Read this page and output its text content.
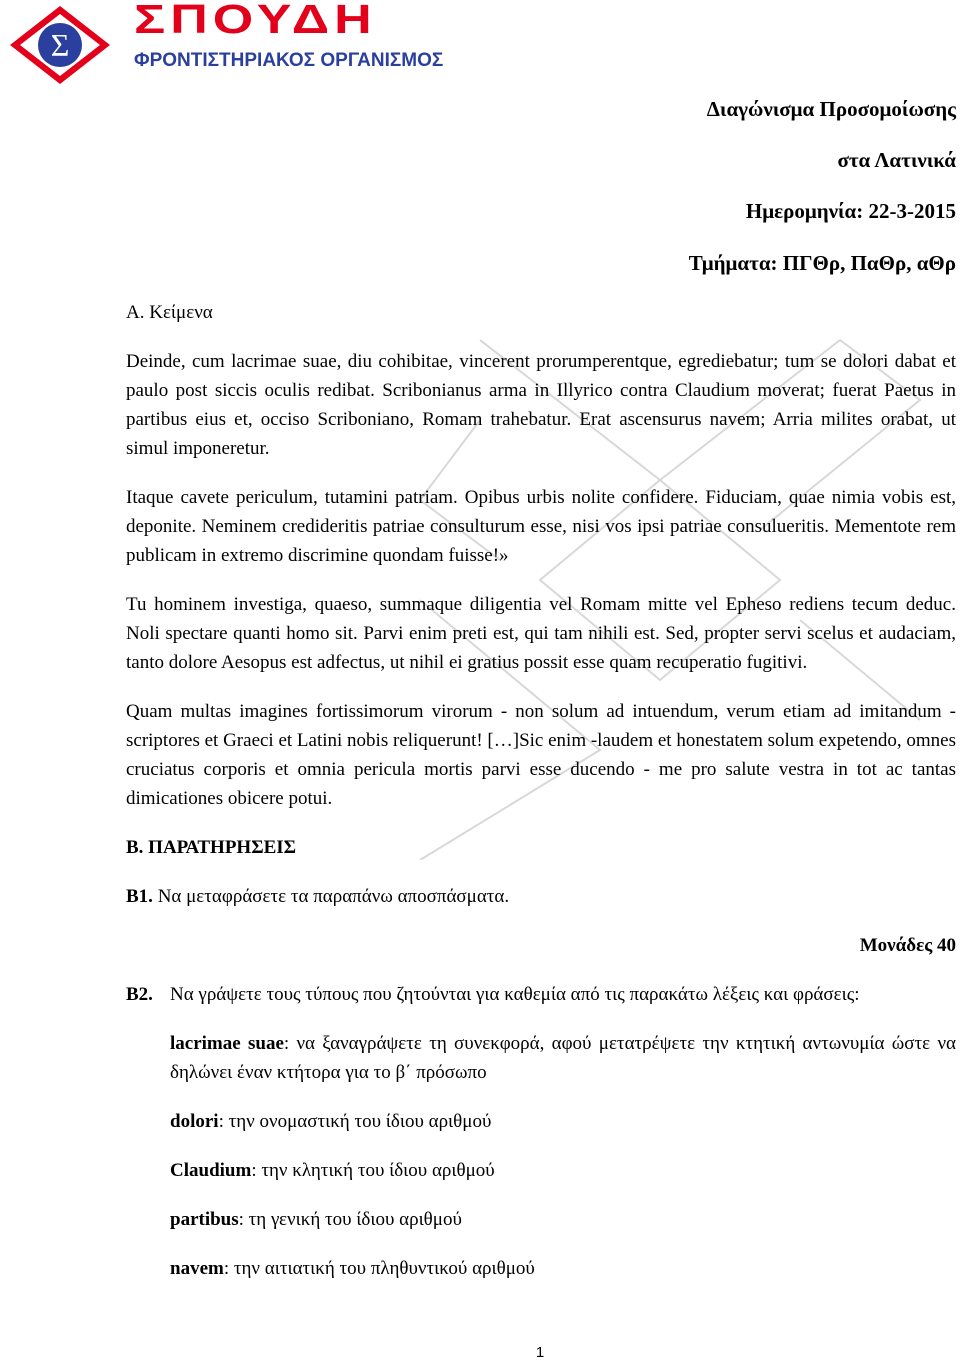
Σ
ΣΠΟΥΔΗ
ΦΡΟΝΤΙΣΤΗΡΙΑΚΟΣ ΟΡΓΑΝΙΣΜΟΣ
Διαγώνισμα Προσομοίωσης
στα Λατινικά
Ημερομηνία: 22-3-2015
Τμήματα: ΠΓΘρ, ΠαΘρ, αΘρ
Α. Κείμενα

Deinde, cum lacrimae suae, diu cohibitae, vincerent prorumperentque, egrediebatur; tum se dolori dabat et paulo post siccis oculis redibat. Scribonianus arma in Illyrico contra Claudium moverat; fuerat Paetus in partibus eius et, occiso Scriboniano, Romam trahebatur. Erat ascensurus navem; Arria milites orabat, ut simul imponeretur.

Itaque cavete periculum, tutamini patriam. Opibus urbis nolite confidere. Fiduciam, quae nimia vobis est, deponite. Neminem credideritis patriae consulturum esse, nisi vos ipsi patriae consulueritis. Mementote rem publicam in extremo discrimine quondam fuisse!»

Tu hominem investiga, quaeso, summaque diligentia vel Romam mitte vel Epheso rediens tecum deduc. Noli spectare quanti homo sit. Parvi enim preti est, qui tam nihili est. Sed, propter servi scelus et audaciam, tanto dolore Aesopus est adfectus, ut nihil ei gratius possit esse quam recuperatio fugitivi.

Quam multas imagines fortissimorum virorum - non solum ad intuendum, verum etiam ad imitandum - scriptores et Graeci et Latini nobis reliquerunt! […]Sic enim -laudem et honestatem solum expetendo, omnes cruciatus corporis et omnia pericula mortis parvi esse ducendo - me pro salute vestra in tot ac tantas dimicationes obicere potui.

Β. ΠΑΡΑΤΗΡΗΣΕΙΣ
Β1. Να μεταφράσετε τα παραπάνω αποσπάσματα.
Μονάδες 40
Β2. Να γράψετε τους τύπους που ζητούνται για καθεμία από τις παρακάτω λέξεις και φράσεις:
lacrimae suae: να ξαναγράψετε τη συνεκφορά, αφού μετατρέψετε την κτητική αντωνυμία ώστε να δηλώνει έναν κτήτορα για το β΄ πρόσωπο
dolori: την ονομαστική του ίδιου αριθμού
Claudium: την κλητική του ίδιου αριθμού
partibus: τη γενική του ίδιου αριθμού
navem: την αιτιατική του πληθυντικού αριθμού
1
